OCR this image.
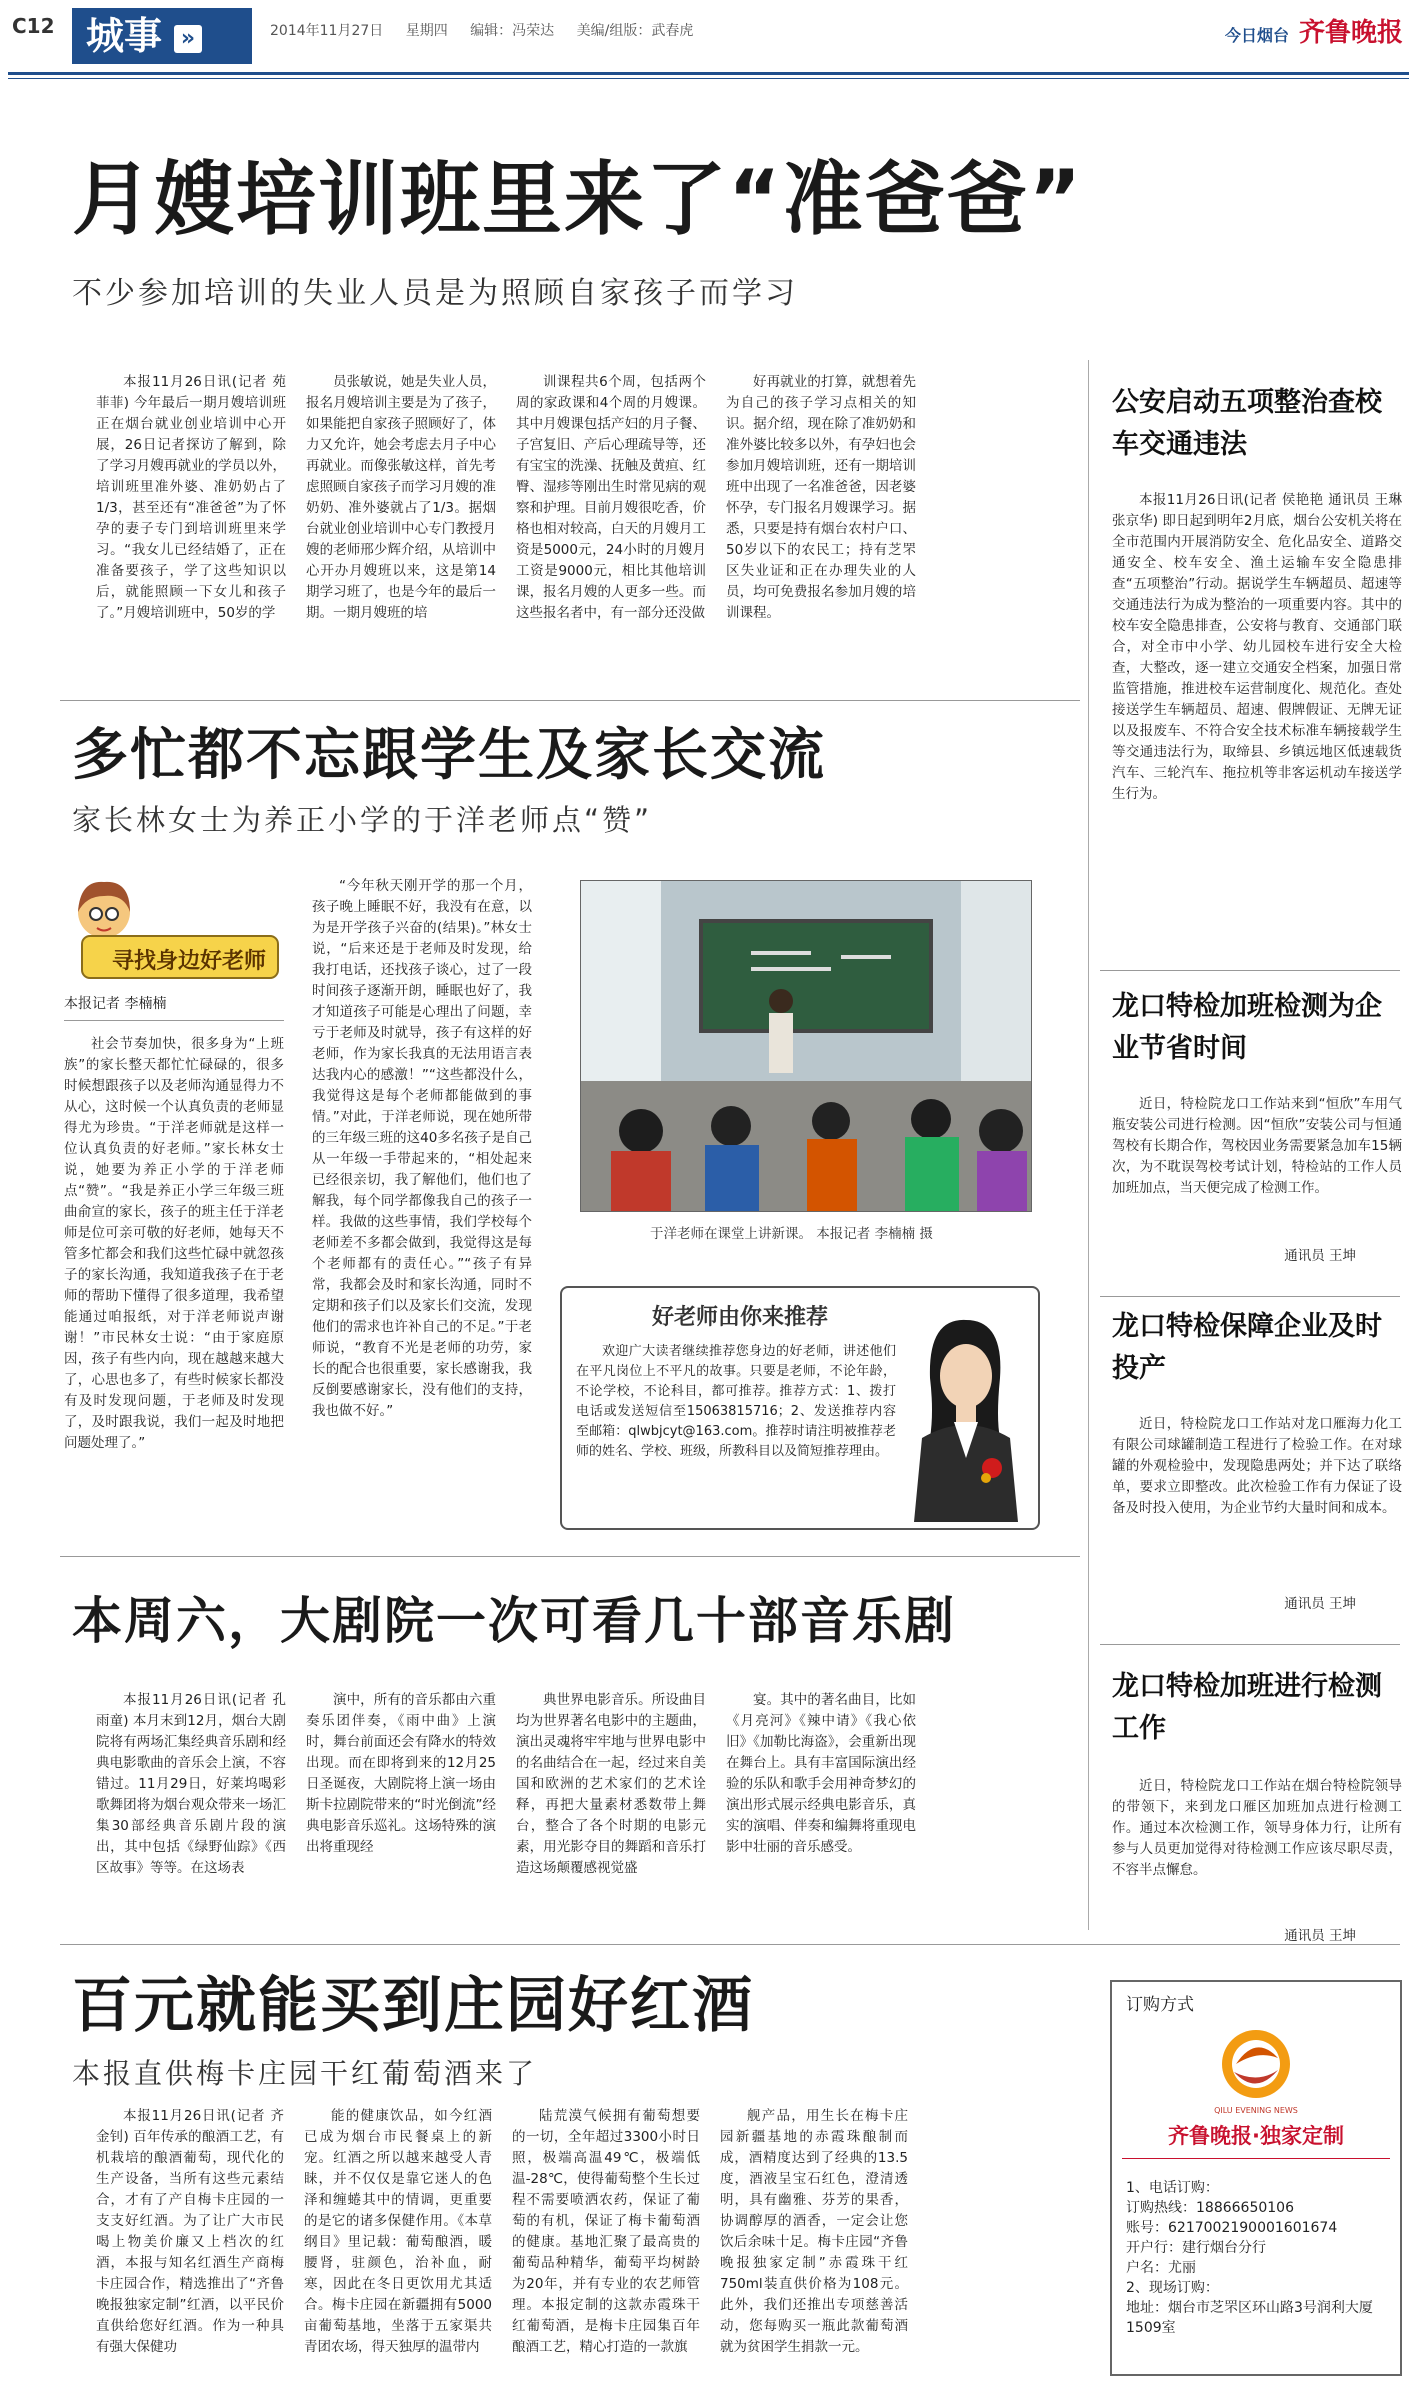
C12 城事 »	2014年11月27日 星期四 编辑：冯荣达 美编/组版：武春虎	今日烟台 齐鲁晚报
月嫂培训班里来了“准爸爸”
不少参加培训的失业人员是为照顾自家孩子而学习

本报11月26日讯(记者 苑菲菲) 今年最后一期月嫂培训班正在烟台就业创业培训中心开展，26日记者探访了解到，除了学习月嫂再就业的学员以外，培训班里准外婆、准奶奶占了1/3，甚至还有“准爸爸”为了怀孕的妻子专门到培训班里来学习。“我女儿已经结婚了，正在准备要孩子，学了这些知识以后，就能照顾一下女儿和孩子了。”月嫂培训班中，50岁的学

员张敏说，她是失业人员，报名月嫂培训主要是为了孩子，如果能把自家孩子照顾好了，体力又允许，她会考虑去月子中心再就业。而像张敏这样，首先考虑照顾自家孩子而学习月嫂的准奶奶、准外婆就占了1/3。据烟台就业创业培训中心专门教授月嫂的老师邢少辉介绍，从培训中心开办月嫂班以来，这是第14期学习班了，也是今年的最后一期。一期月嫂班的培

训课程共6个周，包括两个周的家政课和4个周的月嫂课。其中月嫂课包括产妇的月子餐、子宫复旧、产后心理疏导等，还有宝宝的洗澡、抚触及黄疸、红臀、湿疹等刚出生时常见病的观察和护理。目前月嫂很吃香，价格也相对较高，白天的月嫂月工资是5000元，24小时的月嫂月工资是9000元，相比其他培训课，报名月嫂的人更多一些。而这些报名者中，有一部分还没做

好再就业的打算，就想着先为自己的孩子学习点相关的知识。据介绍，现在除了准奶奶和准外婆比较多以外，有孕妇也会参加月嫂培训班，还有一期培训班中出现了一名准爸爸，因老婆怀孕，专门报名月嫂课学习。据悉，只要是持有烟台农村户口、50岁以下的农民工；持有芝罘区失业证和正在办理失业的人员，均可免费报名参加月嫂的培训课程。

公安启动五项整治查校车交通违法

本报11月26日讯(记者 侯艳艳 通讯员 王琳 张京华) 即日起到明年2月底，烟台公安机关将在全市范围内开展消防安全、危化品安全、道路交通安全、校车安全、渔土运输车安全隐患排查“五项整治”行动。据说学生车辆超员、超速等交通违法行为成为整治的一项重要内容。其中的校车安全隐患排查，公安将与教育、交通部门联合，对全市中小学、幼儿园校车进行安全大检查，大整改，逐一建立交通安全档案，加强日常监管措施，推进校车运营制度化、规范化。查处接送学生车辆超员、超速、假牌假证、无牌无证以及报废车、不符合安全技术标准车辆接载学生等交通违法行为，取缔县、乡镇远地区低速载货汽车、三轮汽车、拖拉机等非客运机动车接送学生行为。

龙口特检加班检测为企业节省时间

近日，特检院龙口工作站来到“恒欣”车用气瓶安装公司进行检测。因“恒欣”安装公司与恒通驾校有长期合作，驾校因业务需要紧急加车15辆次，为不耽误驾校考试计划，特检站的工作人员加班加点，当天便完成了检测工作。

通讯员 王坤
龙口特检保障企业及时投产

近日，特检院龙口工作站对龙口雁海力化工有限公司球罐制造工程进行了检验工作。在对球罐的外观检验中，发现隐患两处；并下达了联络单，要求立即整改。此次检验工作有力保证了设备及时投入使用，为企业节约大量时间和成本。

通讯员 王坤
龙口特检加班进行检测工作

近日，特检院龙口工作站在烟台特检院领导的带领下，来到龙口雁区加班加点进行检测工作。通过本次检测工作，领导身体力行，让所有参与人员更加觉得对待检测工作应该尽职尽责，不容半点懈怠。

通讯员 王坤
多忙都不忘跟学生及家长交流
家长林女士为养正小学的于洋老师点“赞”
寻找身边好老师
本报记者 李楠楠

社会节奏加快，很多身为“上班族”的家长整天都忙忙碌碌的，很多时候想跟孩子以及老师沟通显得力不从心，这时候一个认真负责的老师显得尤为珍贵。“于洋老师就是这样一位认真负责的好老师。”家长林女士说，她要为养正小学的于洋老师点“赞”。“我是养正小学三年级三班曲俞宣的家长，孩子的班主任于洋老师是位可亲可敬的好老师，她每天不管多忙都会和我们这些忙碌中就忽孩子的家长沟通，我知道我孩子在于老师的帮助下懂得了很多道理，我希望能通过咱报纸，对于洋老师说声谢谢！”市民林女士说：“由于家庭原因，孩子有些内向，现在越越来越大了，心思也多了，有些时候家长都没有及时发现问题，于老师及时发现了，及时跟我说，我们一起及时地把问题处理了。”

“今年秋天刚开学的那一个月，孩子晚上睡眠不好，我没有在意，以为是开学孩子兴奋的(结果)。”林女士说，“后来还是于老师及时发现，给我打电话，还找孩子谈心，过了一段时间孩子逐渐开朗，睡眠也好了，我才知道孩子可能是心理出了问题，幸亏于老师及时就导，孩子有这样的好老师，作为家长我真的无法用语言表达我内心的感激！”“这些都没什么，我觉得这是每个老师都能做到的事情。”对此，于洋老师说，现在她所带的三年级三班的这40多名孩子是自己从一年级一手带起来的，“相处起来已经很亲切，我了解他们，他们也了解我，每个同学都像我自己的孩子一样。我做的这些事情，我们学校每个老师差不多都会做到，我觉得这是每个老师都有的责任心。”“孩子有异常，我都会及时和家长沟通，同时不定期和孩子们以及家长们交流，发现他们的需求也许补自己的不足。”于老师说，“教育不光是老师的功劳，家长的配合也很重要，家长感谢我，我反倒要感谢家长，没有他们的支持，我也做不好。”

于洋老师在课堂上讲新课。 本报记者 李楠楠 摄
好老师由你来推荐

欢迎广大读者继续推荐您身边的好老师，讲述他们在平凡岗位上不平凡的故事。只要是老师，不论年龄，不论学校，不论科目，都可推荐。推荐方式：1、拨打电话或发送短信至15063815716；2、发送推荐内容至邮箱：qlwbjcyt@163.com。推荐时请注明被推荐老师的姓名、学校、班级，所教科目以及简短推荐理由。

本周六，大剧院一次可看几十部音乐剧

本报11月26日讯(记者 孔雨童) 本月末到12月，烟台大剧院将有两场汇集经典音乐剧和经典电影歌曲的音乐会上演，不容错过。11月29日，好莱坞喝彩歌舞团将为烟台观众带来一场汇集30部经典音乐剧片段的演出，其中包括《绿野仙踪》《西区故事》等等。在这场表

演中，所有的音乐都由六重奏乐团伴奏，《雨中曲》上演时，舞台前面还会有降水的特效出现。而在即将到来的12月25日圣诞夜，大剧院将上演一场由斯卡拉剧院带来的“时光倒流”经典电影音乐巡礼。这场特殊的演出将重现经

典世界电影音乐。所设曲目均为世界著名电影中的主题曲，演出灵魂将牢牢地与世界电影中的名曲结合在一起，经过来自美国和欧洲的艺术家们的艺术诠释，再把大量素材悉数带上舞台，整合了各个时期的电影元素，用光影夺目的舞蹈和音乐打造这场颠覆感视觉盛

宴。其中的著名曲目，比如《月亮河》《辣中请》《我心依旧》《加勒比海盗》，会重新出现在舞台上。具有丰富国际演出经验的乐队和歌手会用神奇梦幻的演出形式展示经典电影音乐，真实的演唱、伴奏和编舞将重现电影中壮丽的音乐感受。

百元就能买到庄园好红酒
本报直供梅卡庄园干红葡萄酒来了

本报11月26日讯(记者 齐金钊) 百年传承的酿酒工艺，有机栽培的酿酒葡萄，现代化的生产设备，当所有这些元素结合，才有了产自梅卡庄园的一支支好红酒。为了让广大市民喝上物美价廉又上档次的红酒，本报与知名红酒生产商梅卡庄园合作，精选推出了“齐鲁晚报独家定制”红酒，以平民价直供给您好红酒。作为一种具有强大保健功

能的健康饮品，如今红酒已成为烟台市民餐桌上的新宠。红酒之所以越来越受人青睐，并不仅仅是靠它迷人的色泽和缠蜷其中的情调，更重要的是它的诸多保健作用。《本草纲目》里记载：葡萄酿酒，暖腰肾，驻颜色，治补血，耐寒，因此在冬日更饮用尤其适合。梅卡庄园在新疆拥有5000亩葡萄基地，坐落于五家渠共青团农场，得天独厚的温带内

陆荒漠气候拥有葡萄想要的一切，全年超过3300小时日照，极端高温49℃，极端低温-28℃，使得葡萄整个生长过程不需要喷洒农药，保证了葡萄的有机，保证了梅卡葡萄酒的健康。基地汇聚了最高贵的葡萄品种精华，葡萄平均树龄为20年，并有专业的农艺师管理。本报定制的这款赤霞珠干红葡萄酒，是梅卡庄园集百年酿酒工艺，精心打造的一款旗

舰产品，用生长在梅卡庄园新疆基地的赤霞珠酿制而成，酒精度达到了经典的13.5度，酒液呈宝石红色，澄清透明，具有幽雅、芬芳的果香，协调醇厚的酒香，一定会让您饮后余味十足。梅卡庄园“齐鲁晚报独家定制”赤霞珠干红750ml装直供价格为108元。此外，我们还推出专项慈善活动，您每购买一瓶此款葡萄酒就为贫困学生捐款一元。

订购方式
QILU EVENING NEWS
齐鲁晚报·独家定制
1、电话订购：
订购热线：18866650106
账号：6217002190001601674
开户行：建行烟台分行
户名：尤丽
2、现场订购：
地址：烟台市芝罘区环山路3号润利大厦1509室
